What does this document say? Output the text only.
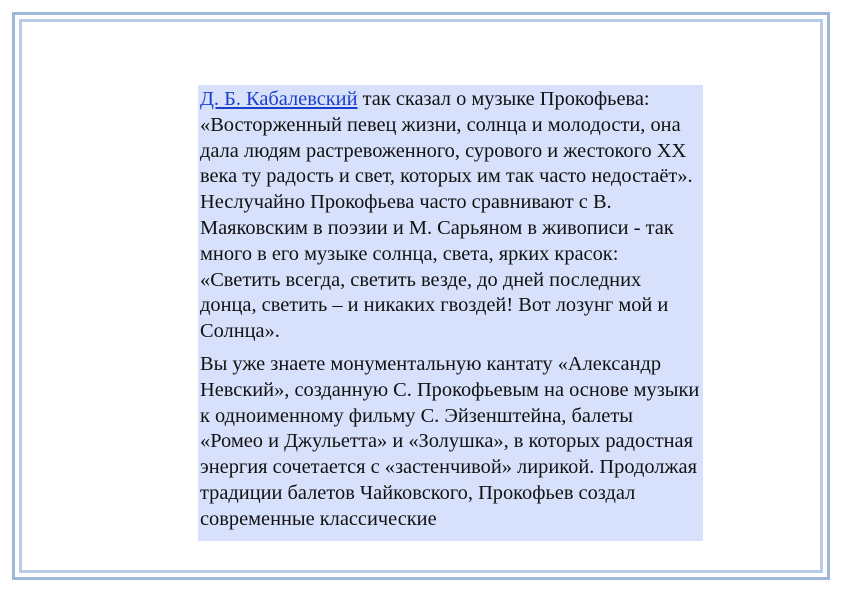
Д. Б. Кабалевский так сказал о музыке Прокофьева: «Восторженный певец жизни, солнца и молодости, она дала людям растревоженного, сурового и жестокого XX века ту радость и свет, которых им так часто недостаёт». Неслучайно Прокофьева часто сравнивают с В. Маяковским в поэзии и М. Сарьяном в живописи - так много в его музыке солнца, света, ярких красок: «Светить всегда, светить везде, до дней последних донца, светить – и никаких гвоздей! Вот лозунг мой и Солнца».

Вы уже знаете монументальную кантату «Александр Невский», созданную С. Прокофьевым на основе музыки к одноименному фильму С. Эйзенштейна, балеты «Ромео и Джульетта» и «Золушка», в которых радостная энергия сочетается с «застенчивой» лирикой. Продолжая традиции балетов Чайковского, Прокофьев создал современные классические
